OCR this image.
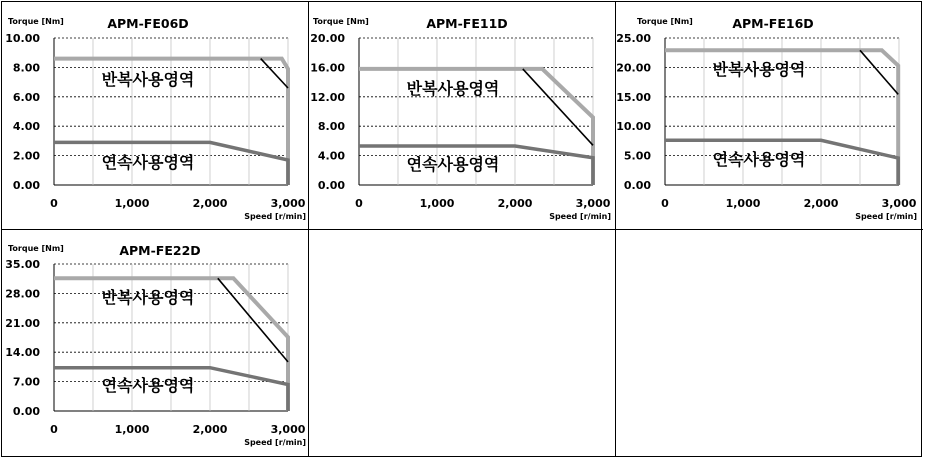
10.00
8.00
6.00
4.00
2.00
0.00
0	1,000	2,000	3,000
APM-FE06D
Torque [Nm]
Speed [r/min]
반복사용영역
연속사용영역
20.00
16.00
12.00
8.00
4.00
0.00
0	1,000	2,000	3,000
APM-FE11D
Torque [Nm]
Speed [r/min]
반복사용영역
연속사용영역
25.00
20.00
15.00
10.00
5.00
0.00
0	1,000	2,000	3,000
APM-FE16D
Torque [Nm]
Speed [r/min]
반복사용영역
연속사용영역
35.00
28.00
21.00
14.00
7.00
0.00
0	1,000	2,000	3,000
APM-FE22D
Torque [Nm]
Speed [r/min]
반복사용영역
연속사용영역
